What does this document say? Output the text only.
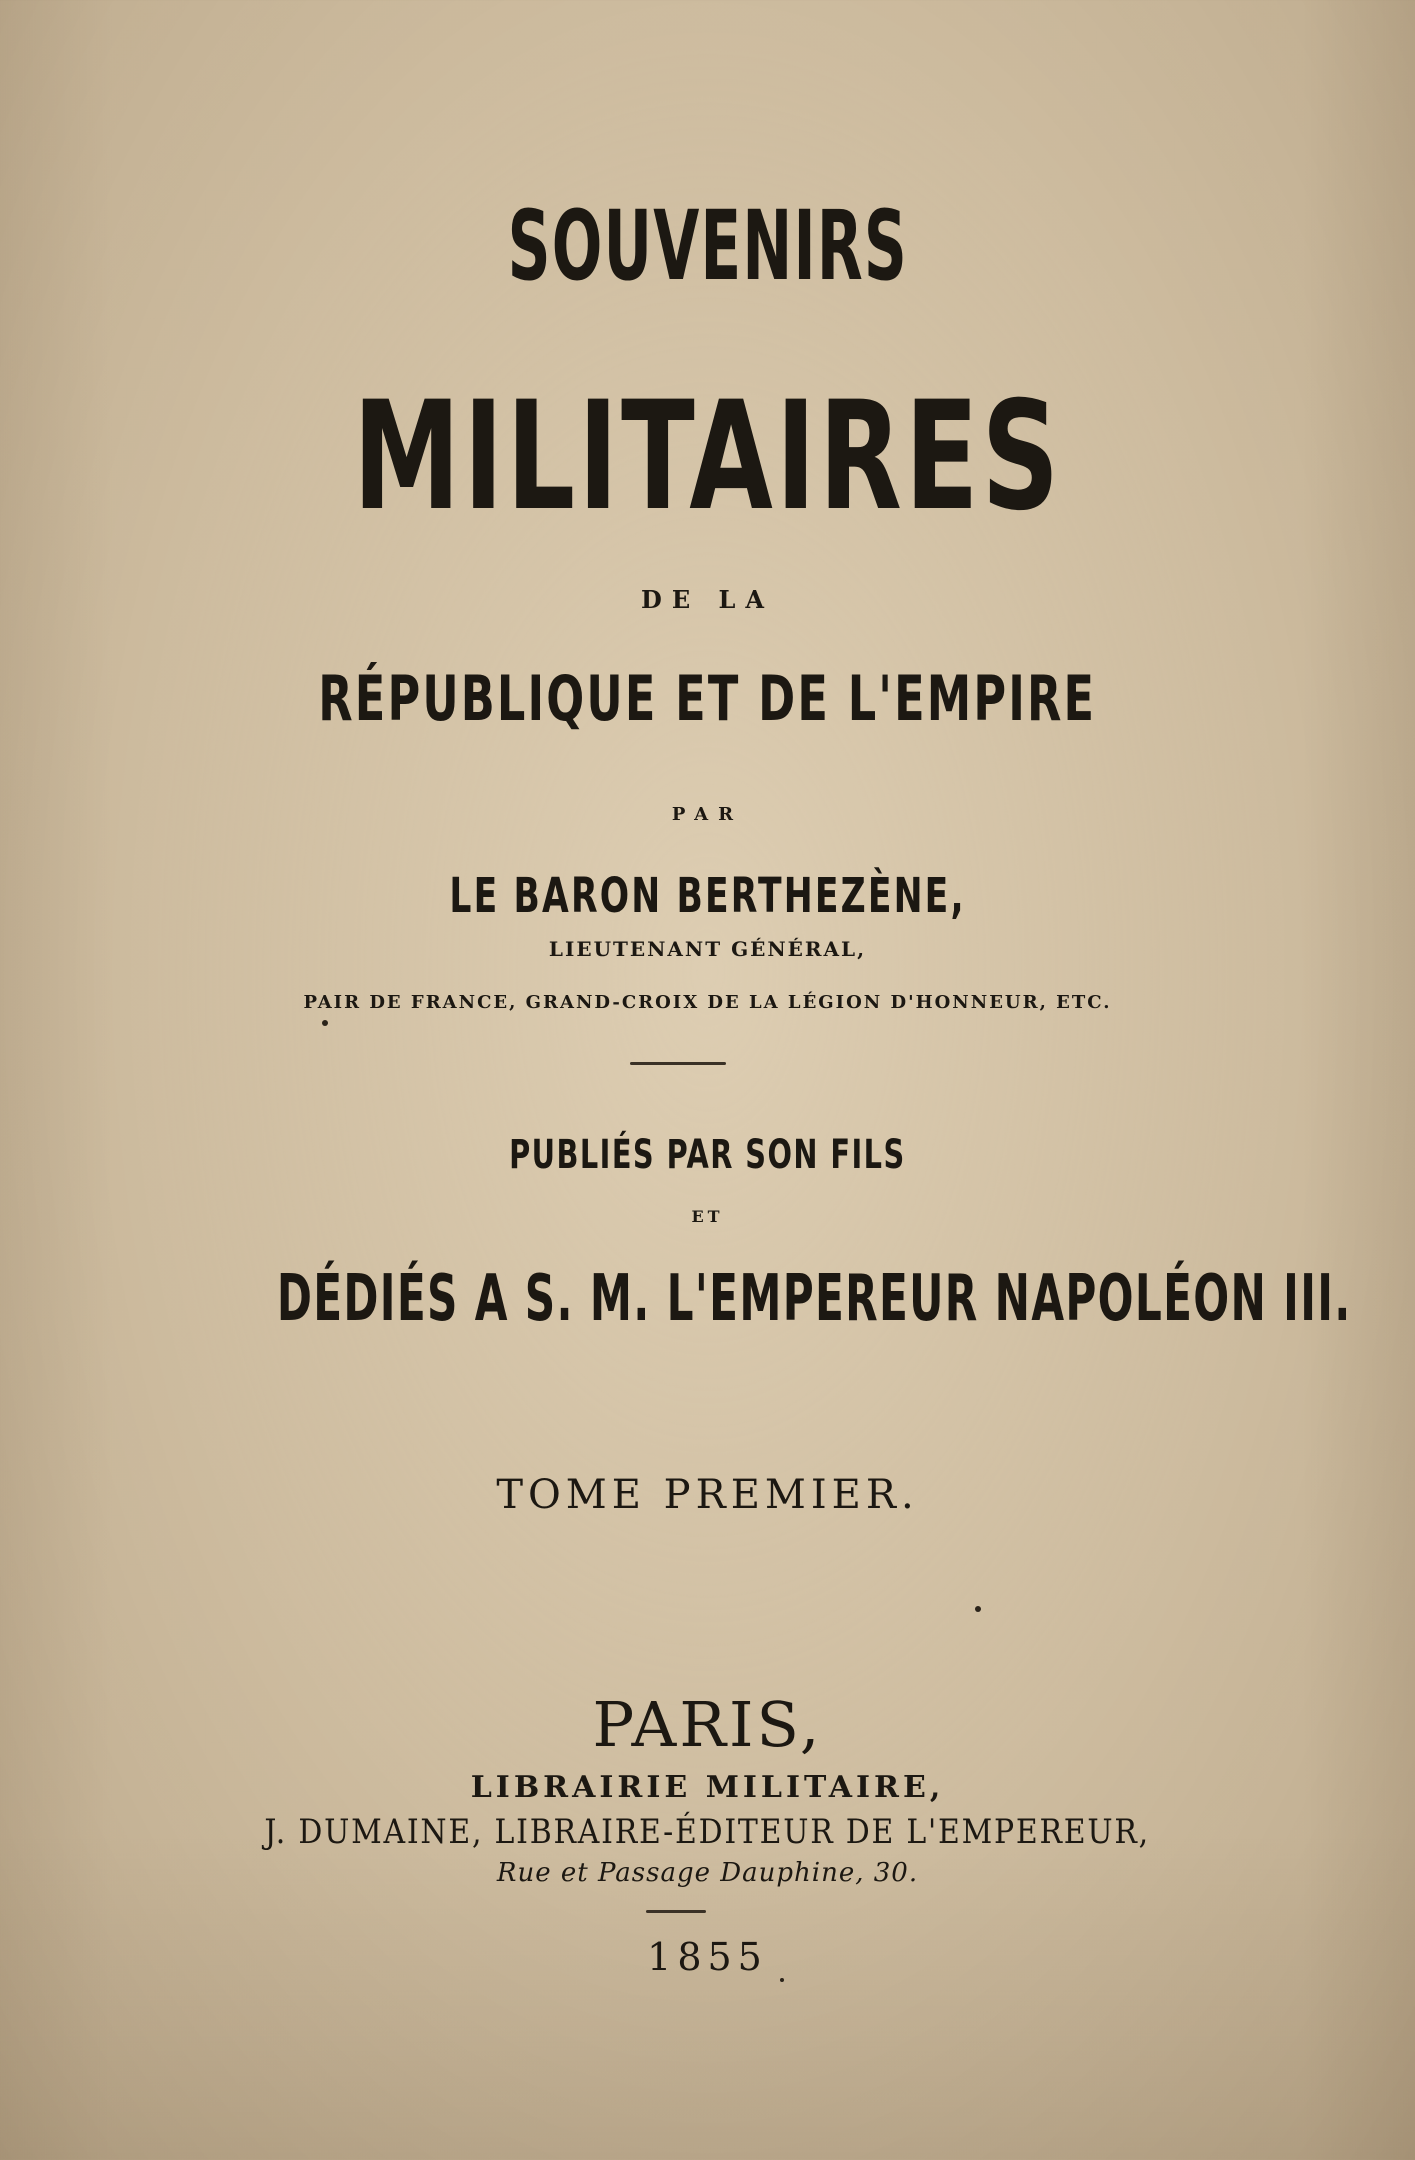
SOUVENIRS
MILITAIRES
DE LA
RÉPUBLIQUE ET DE L'EMPIRE
PAR
LE BARON BERTHEZÈNE,
LIEUTENANT GÉNÉRAL,
PAIR DE FRANCE, GRAND-CROIX DE LA LÉGION D'HONNEUR, ETC.
PUBLIÉS PAR SON FILS
ET
DÉDIÉS A S. M. L'EMPEREUR NAPOLÉON III.
TOME PREMIER.
PARIS,
LIBRAIRIE MILITAIRE,
J. DUMAINE, LIBRAIRE-ÉDITEUR DE L'EMPEREUR,
Rue et Passage Dauphine, 30.
1855
